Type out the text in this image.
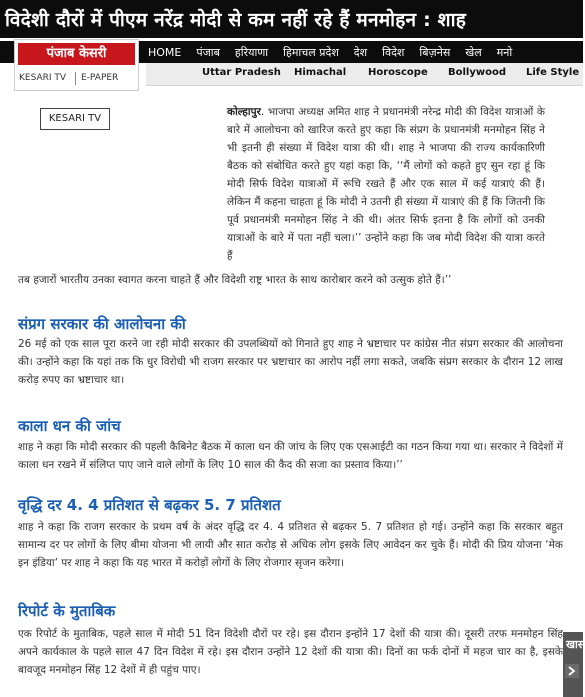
विदेशी दौरों में पीएम नरेंद्र मोदी से कम नहीं रहे हैं मनमोहन : शाह
HOME पंजाब हरियाणा हिमाचल प्रदेश देश विदेश बिज़नेस खेल मनो
पंजाब केसरी
KESARI TV E-PAPER	Uttar Pradesh Himachal Horoscope Bollywood Life Style
KESARI TV
कोल्हापुर. भाजपा अध्यक्ष अमित शाह ने प्रधानमंत्री नरेन्द्र मोदी की विदेश यात्राओं के बारे में आलोचना को खारिज करते हुए कहा कि संप्रग के प्रधानमंत्री मनमोहन सिंह ने भी इतनी ही संख्या में विदेश यात्रा की थी। शाह ने भाजपा की राज्य कार्यकारिणी बैठक को संबोधित करते हुए यहां कहा कि, ‘‘मैं लोगों को कहते हुए सुन रहा हूं कि मोदी सिर्फ विदेश यात्राओं में रूचि रखते हैं और एक साल में कई यात्राएं की हैं। लेकिन मैं कहना चाहता हूं कि मोदी ने उतनी ही संख्या में यात्राएं की हैं कि जितनी कि पूर्व प्रधानमंत्री मनमोहन सिंह ने की थी। अंतर सिर्फ इतना है कि लोगों को उनकी यात्राओं के बारे में पता नहीं चला।’’ उन्होंने कहा कि जब मोदी विदेश की यात्रा करते हैं
तब हजारों भारतीय उनका स्वागत करना चाहते हैं और विदेशी राष्ट्र भारत के साथ कारोबार करने को उत्सुक होते हैं।’’
संप्रग सरकार की आलोचना की
26 मई को एक साल पूरा करने जा रही मोदी सरकार की उपलब्धियों को गिनाते हुए शाह ने भ्रष्टाचार पर कांग्रेस नीत संप्रग सरकार की आलोचना की। उन्होंने कहा कि यहां तक कि धुर विरोधी भी राजग सरकार पर भ्रष्टाचार का आरोप नहीं लगा सकते, जबकि संप्रग सरकार के दौरान 12 लाख करोड़ रुपए का भ्रष्टाचार था।
काला धन की जांच
शाह ने कहा कि मोदी सरकार की पहली कैबिनेट बैठक में काला धन की जांच के लिए एक एसआईटी का गठन किया गया था। सरकार ने विदेशों में काला धन रखने में संलिप्त पाए जाने वाले लोगों के लिए 10 साल की कैद की सजा का प्रस्ताव किया।’’
वृद्धि दर 4. 4 प्रतिशत से बढ़कर 5. 7 प्रतिशत
शाह ने कहा कि राजग सरकार के प्रथम वर्ष के अंदर वृद्धि दर 4. 4 प्रतिशत से बढ़कर 5. 7 प्रतिशत हो गई। उन्होंने कहा कि सरकार बहुत सामान्य दर पर लोगों के लिए बीमा योजना भी लायी और सात करोड़ से अधिक लोग इसके लिए आवेदन कर चुके हैं। मोदी की प्रिय योजना ‘मेक इन इंडिया’ पर शाह ने कहा कि यह भारत में करोड़ों लोगों के लिए रोजगार सृजन करेगा।
रिपोर्ट के मुताबिक
एक रिपोर्ट के मुताबिक, पहले साल में मोदी 51 दिन विदेशी दौरों पर रहे। इस दौरान इन्होंने 17 देशों की यात्रा की। दूसरी तरफ मनमोहन सिंह अपने कार्यकाल के पहले साल 47 दिन विदेश में रहे। इस दौरान उन्होंने 12 देशों की यात्रा की। दिनों का फर्क दोनों में महज चार का है, इसके बावजूद मनमोहन सिंह 12 देशों में ही पहुंच पाए।
खास
